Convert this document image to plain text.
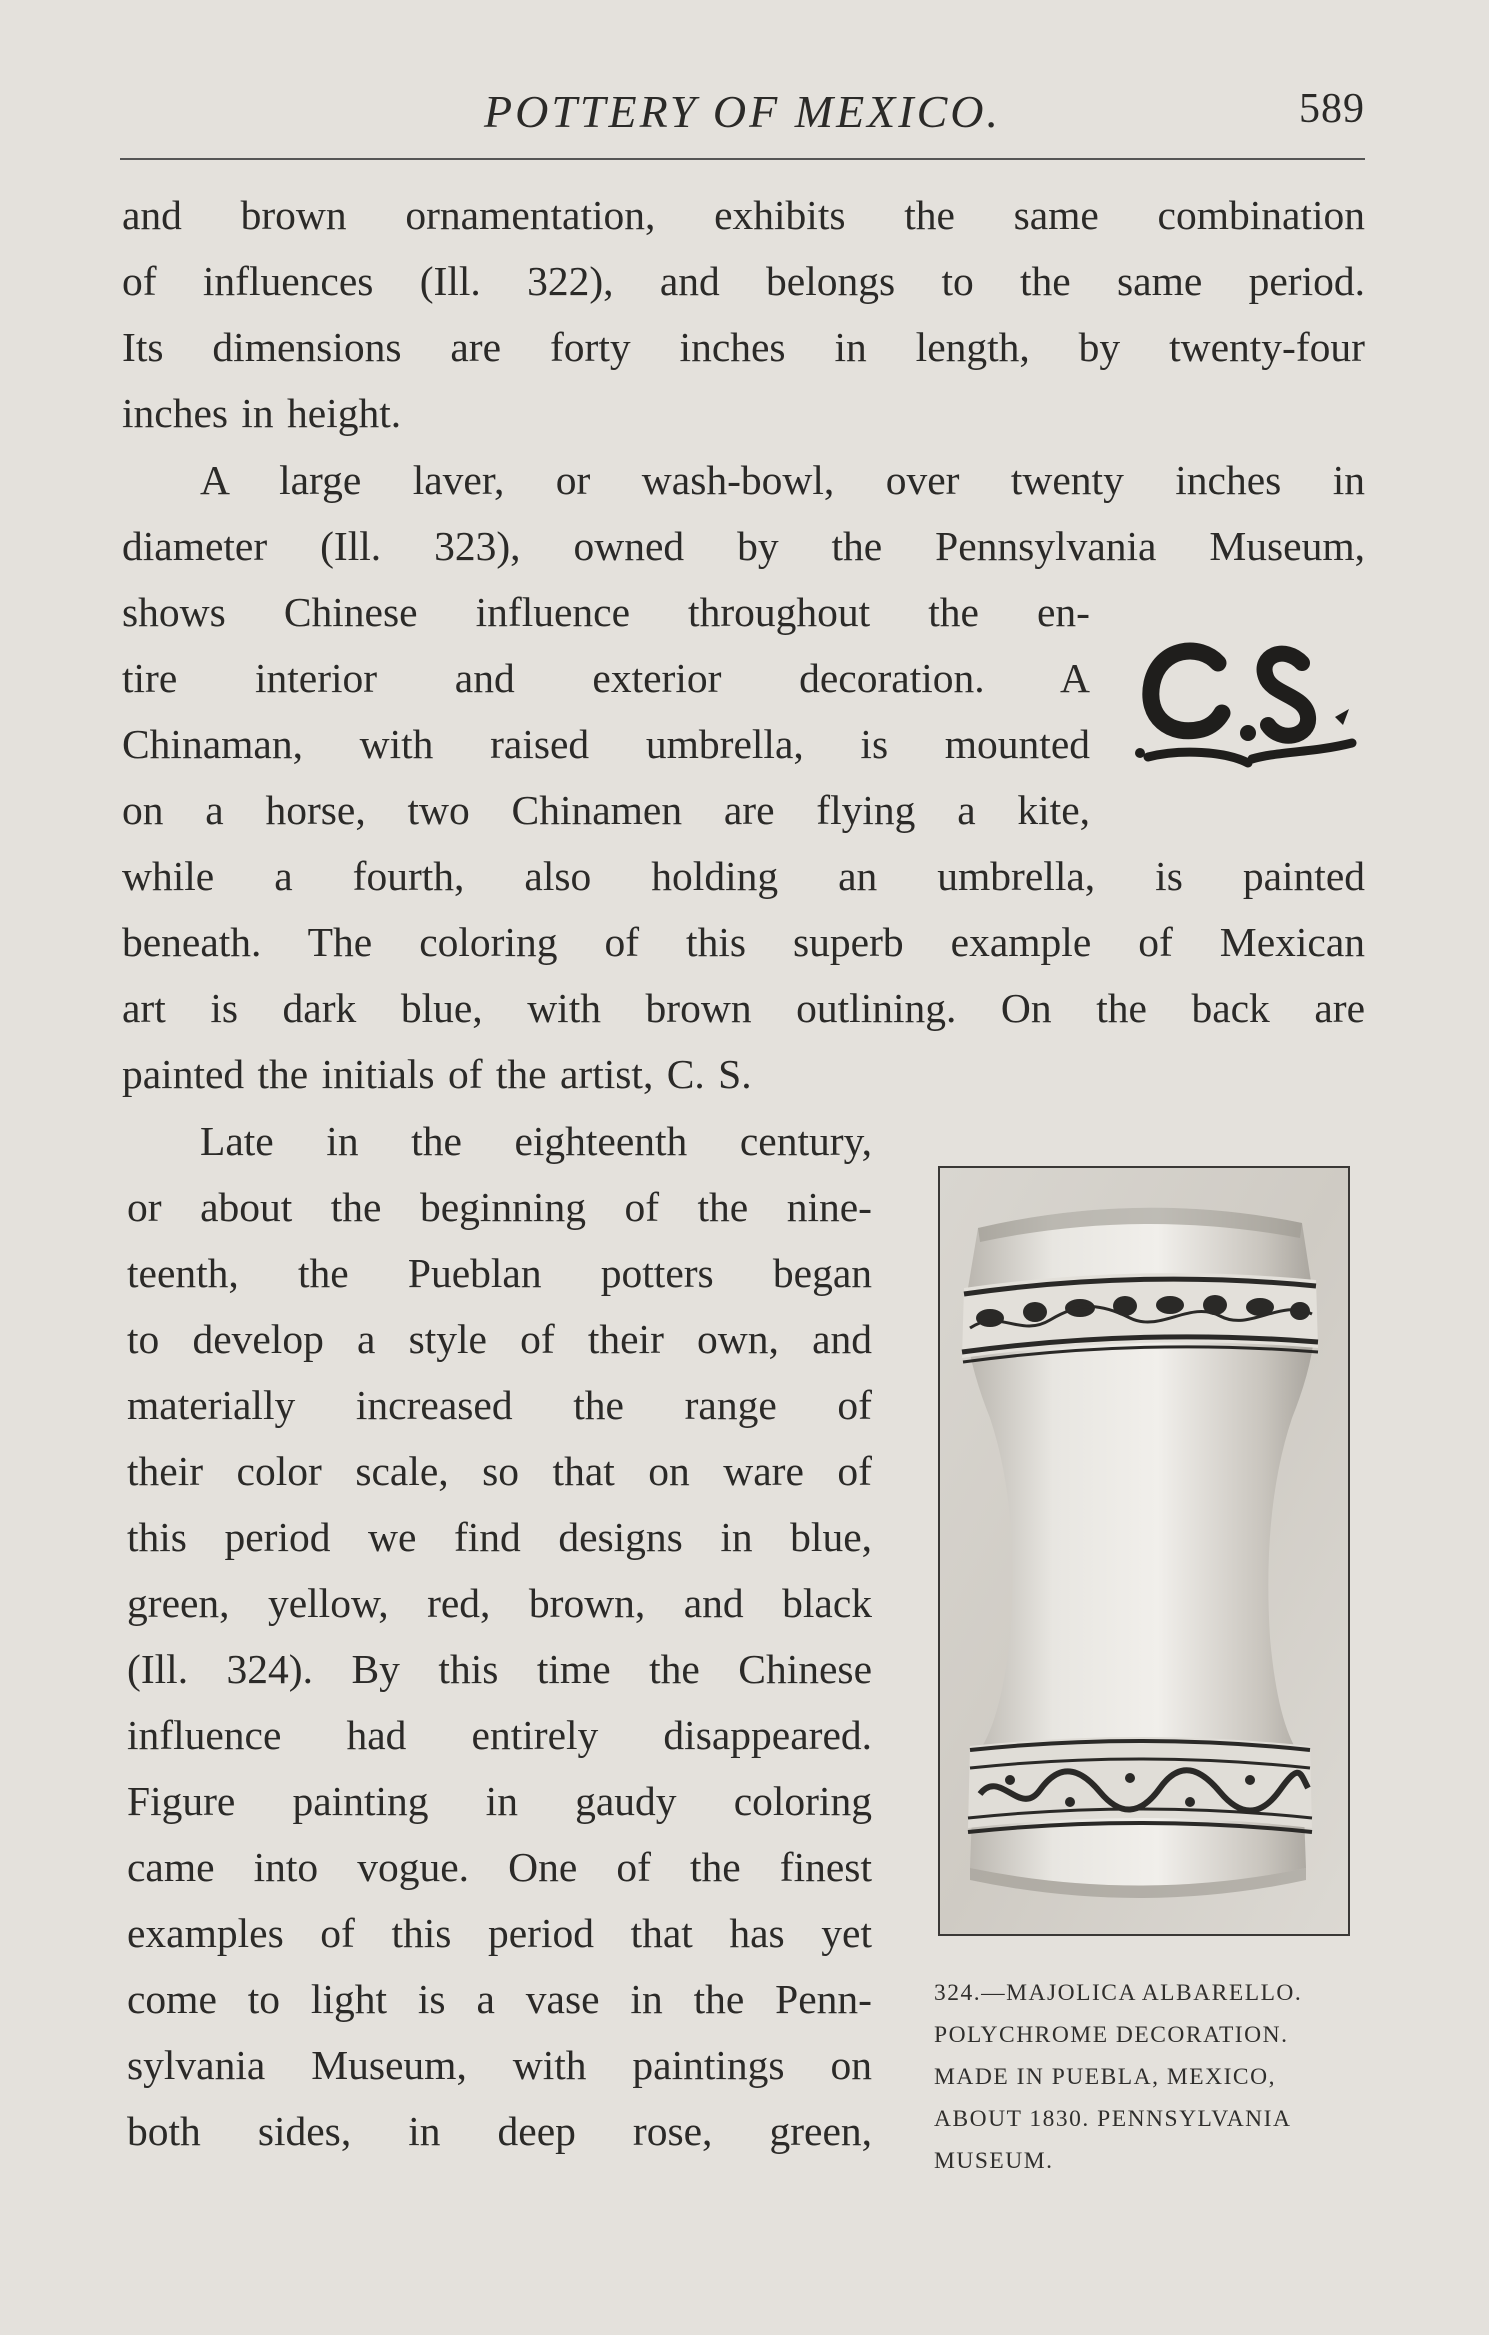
POTTERY OF MEXICO.	589
and brown ornamentation, exhibits the same combination
of influences (Ill. 322), and belongs to the same period.
Its dimensions are forty inches in length, by twenty-four
inches in height.
A large laver, or wash-bowl, over twenty inches in
diameter (Ill. 323), owned by the Pennsylvania Museum,
shows Chinese influence throughout the en-
tire interior and exterior decoration. A
Chinaman, with raised umbrella, is mounted
on a horse, two Chinamen are flying a kite,
while a fourth, also holding an umbrella, is painted
beneath. The coloring of this superb example of Mexican
art is dark blue, with brown outlining. On the back are
painted the initials of the artist, C. S.
Late in the eighteenth century,
or about the beginning of the nine-
teenth, the Pueblan potters began
to develop a style of their own, and
materially increased the range of
their color scale, so that on ware of
this period we find designs in blue,
green, yellow, red, brown, and black
(Ill. 324). By this time the Chinese
influence had entirely disappeared.
Figure painting in gaudy coloring
came into vogue. One of the finest
examples of this period that has yet
come to light is a vase in the Penn-
sylvania Museum, with paintings on
both sides, in deep rose, green,
324.—MAJOLICA ALBARELLO.
POLYCHROME DECORATION.
MADE IN PUEBLA, MEXICO,
ABOUT 1830. PENNSYLVANIA
MUSEUM.
